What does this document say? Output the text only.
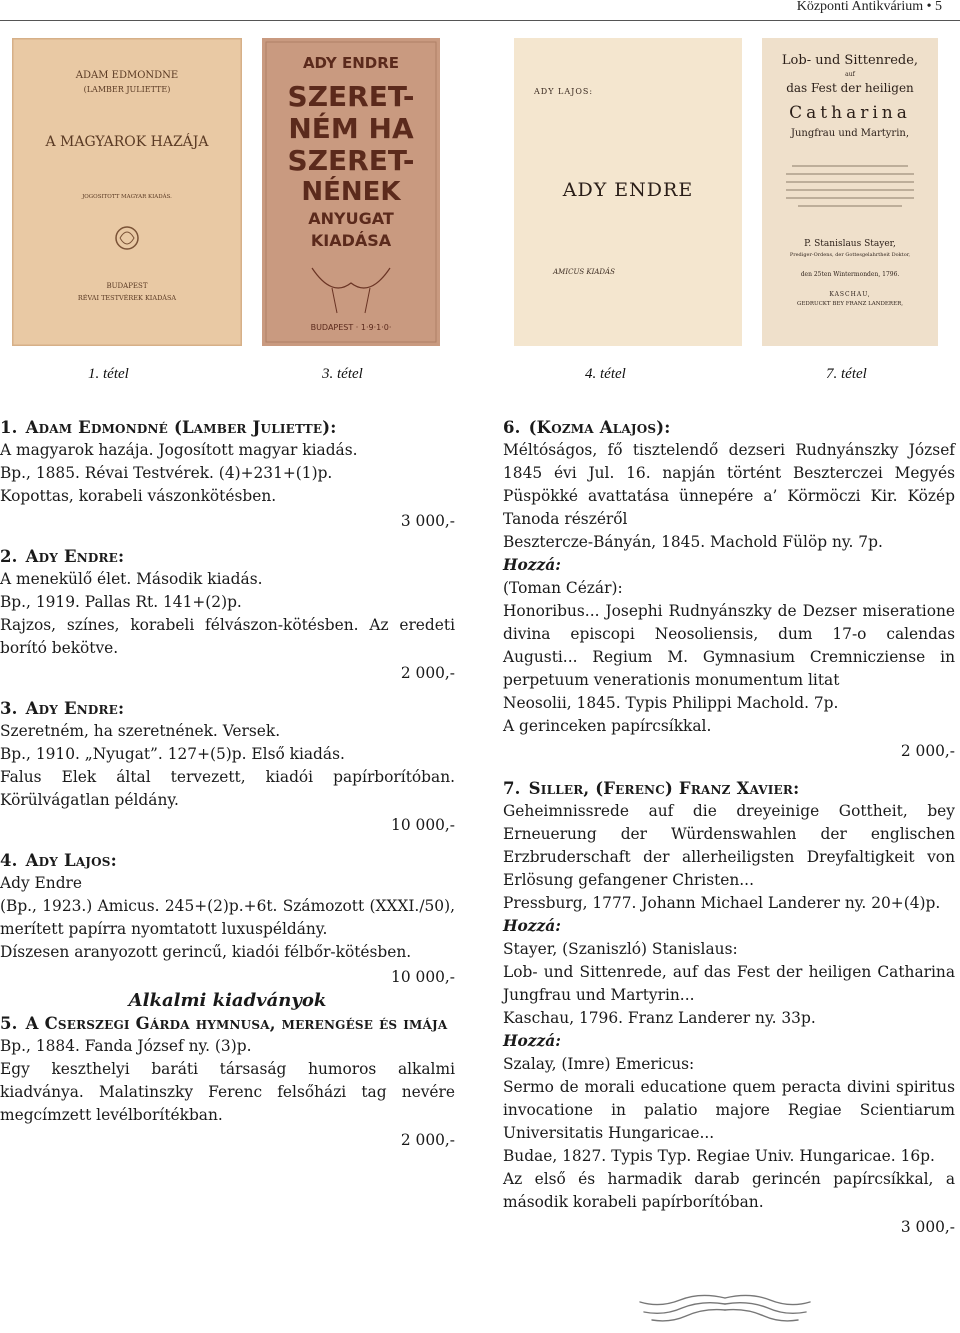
Központi Antikvárium • 5
ADAM EDMONDNE
(LAMBER JULIETTE)
A MAGYAROK HAZÁJA
JOGOSITOTT MAGYAR KIADÁS.
BUDAPEST
RÉVAI TESTVÉREK KIADÁSA
1. tétel
ADY ENDRE
SZERET-
NÉM HA
SZERET-
NÉNEK
ANYUGAT
KIADÁSA
BUDAPEST · 1·9·1·0·
3. tétel
ADY LAJOS:
ADY ENDRE
AMICUS KIADÁS
4. tétel
Lob- und Sittenrede,
auf
das Fest der heiligen
Catharina
Jungfrau und Martyrin,
P. Stanislaus Stayer,
Prediger-Ordens, der Gottesgelahrtheit Doktor,
den 25ten Wintermonden, 1796.
KASCHAU,
GEDRUCKT BEY FRANZ LANDERER,
7. tétel

1. Adam Edmondné (Lamber Juliette):

A magyarok hazája. Jogosított magyar kiadás.

Bp., 1885. Révai Testvérek. (4)+231+(1)p.

Kopottas, korabeli vászonkötésben.

3 000,-

2. Ady Endre:

A menekülő élet. Második kiadás.

Bp., 1919. Pallas Rt. 141+(2)p.

Rajzos, színes, korabeli félvászon-kötésben. Az eredeti borító bekötve.

2 000,-

3. Ady Endre:

Szeretném, ha szeretnének. Versek.

Bp., 1910. „Nyugat”. 127+(5)p. Első kiadás.

Falus Elek által tervezett, kiadói papírborítóban. Körülvágatlan példány.

10 000,-

4. Ady Lajos:

Ady Endre

(Bp., 1923.) Amicus. 245+(2)p.+6t. Számozott (XXXI./50), merített papírra nyomtatott luxuspéldány.

Díszesen aranyozott gerincű, kiadói félbőr-kötésben.

10 000,-

Alkalmi kiadványok

5. A Cserszegi Gárda hymnusa, merengése és imája

Bp., 1884. Fanda József ny. (3)p.

Egy keszthelyi baráti társaság humoros alkalmi kiadványa. Malatinszky Ferenc felsőházi tag nevére megcímzett levélborítékban.

2 000,-

6. (Kozma Alajos):

Méltóságos, fő tisztelendő dezseri Rudnyánszky József 1845 évi Jul. 16. napján történt Beszterczei Megyés Püspökké avattatása ünnepére a’ Körmöczi Kir. Közép Tanoda részéről

Besztercze-Bányán, 1845. Machold Fülöp ny. 7p.

Hozzá:

(Toman Cézár):

Honoribus... Josephi Rudnyánszky de Dezser miseratione divina episcopi Neosoliensis, dum 17-o calendas Augusti... Regium M. Gymnasium Cremnicziense in perpetuum venerationis monumentum litat

Neosolii, 1845. Typis Philippi Machold. 7p.

A gerinceken papírcsíkkal.

2 000,-

7. Siller, (Ferenc) Franz Xavier:

Geheimnissrede auf die dreyeinige Gottheit, bey Erneuerung der Würdenswahlen der englischen Erzbruderschaft der allerheiligsten Dreyfaltigkeit von Erlösung gefangener Christen...

Pressburg, 1777. Johann Michael Landerer ny. 20+(4)p.

Hozzá:

Stayer, (Szaniszló) Stanislaus:

Lob- und Sittenrede, auf das Fest der heiligen Catharina Jungfrau und Martyrin...

Kaschau, 1796. Franz Landerer ny. 33p.

Hozzá:

Szalay, (Imre) Emericus:

Sermo de morali educatione quem peracta divini spiritus invocatione in palatio majore Regiae Scientiarum Universitatis Hungaricae...

Budae, 1827. Typis Typ. Regiae Univ. Hungaricae. 16p.

Az első és harmadik darab gerincén papírcsíkkal, a második korabeli papírborítóban.

3 000,-
